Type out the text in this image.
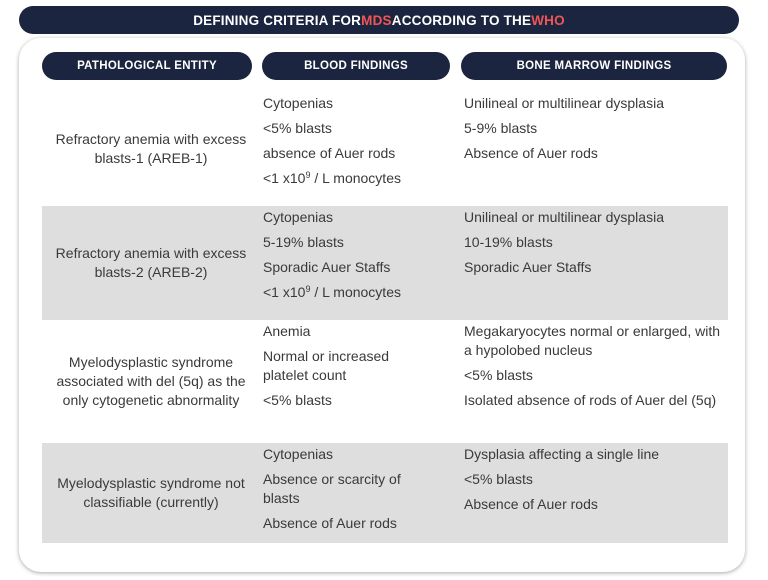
DEFINING CRITERIA FOR MDS ACCORDING TO THE WHO
PATHOLOGICAL ENTITY	BLOOD FINDINGS	BONE MARROW FINDINGS
Refractory anemia with excess blasts-1 (AREB-1)
Cytopenias
<5% blasts
absence of Auer rods
<1 $x10^9$ / L monocytes
Unilineal or multilinear dysplasia
5-9% blasts
Absence of Auer rods
Refractory anemia with excess blasts-2 (AREB-2)
Cytopenias
5-19% blasts
Sporadic Auer Staffs
<1 $x10^9$ / L monocytes
Unilineal or multilinear dysplasia
10-19% blasts
Sporadic Auer Staffs
Myelodysplastic syndrome associated with del (5q) as the only cytogenetic abnormality
Anemia
Normal or increased platelet count
<5% blasts
Megakaryocytes normal or enlarged, with a hypolobed nucleus
<5% blasts
Isolated absence of rods of Auer del (5q)
Myelodysplastic syndrome not classifiable (currently)
Cytopenias
Absence or scarcity of blasts
Absence of Auer rods
Dysplasia affecting a single line
<5% blasts
Absence of Auer rods
